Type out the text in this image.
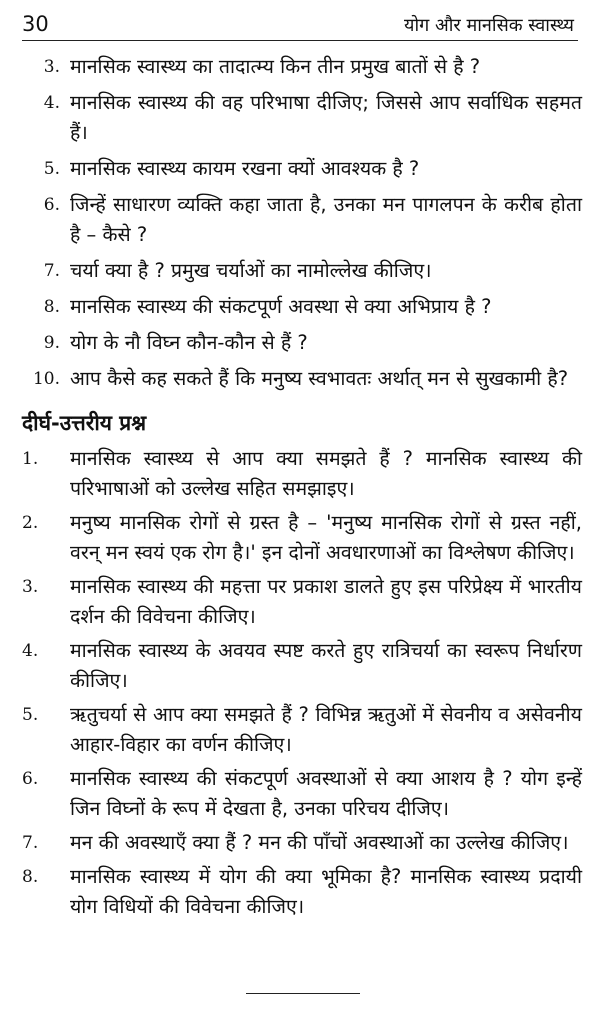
30	योग और मानसिक स्वास्थ्य
3. मानसिक स्वास्थ्य का तादात्म्य किन तीन प्रमुख बातों से है ?
4. मानसिक स्वास्थ्य की वह परिभाषा दीजिए; जिससे आप सर्वाधिक सहमत हैं।
5. मानसिक स्वास्थ्य कायम रखना क्यों आवश्यक है ?
6. जिन्हें साधारण व्यक्ति कहा जाता है, उनका मन पागलपन के करीब होता है – कैसे ?
7. चर्या क्या है ? प्रमुख चर्याओं का नामोल्लेख कीजिए।
8. मानसिक स्वास्थ्य की संकटपूर्ण अवस्था से क्या अभिप्राय है ?
9. योग के नौ विघ्न कौन-कौन से हैं ?
10. आप कैसे कह सकते हैं कि मनुष्य स्वभावतः अर्थात् मन से सुखकामी है?
दीर्घ-उत्तरीय प्रश्न
1.	मानसिक स्वास्थ्य से आप क्या समझते हैं ? मानसिक स्वास्थ्य की परिभाषाओं को उल्लेख सहित समझाइए।
2.	मनुष्य मानसिक रोगों से ग्रस्त है – 'मनुष्य मानसिक रोगों से ग्रस्त नहीं, वरन् मन स्वयं एक रोग है।' इन दोनों अवधारणाओं का विश्लेषण कीजिए।
3.	मानसिक स्वास्थ्य की महत्ता पर प्रकाश डालते हुए इस परिप्रेक्ष्य में भारतीय दर्शन की विवेचना कीजिए।
4.	मानसिक स्वास्थ्य के अवयव स्पष्ट करते हुए रात्रिचर्या का स्वरूप निर्धारण कीजिए।
5.	ऋतुचर्या से आप क्या समझते हैं ? विभिन्न ऋतुओं में सेवनीय व असेवनीय आहार-विहार का वर्णन कीजिए।
6.	मानसिक स्वास्थ्य की संकटपूर्ण अवस्थाओं से क्या आशय है ? योग इन्हें जिन विघ्नों के रूप में देखता है, उनका परिचय दीजिए।
7.	मन की अवस्थाएँ क्या हैं ? मन की पाँचों अवस्थाओं का उल्लेख कीजिए।
8.	मानसिक स्वास्थ्य में योग की क्या भूमिका है? मानसिक स्वास्थ्य प्रदायी योग विधियों की विवेचना कीजिए।
